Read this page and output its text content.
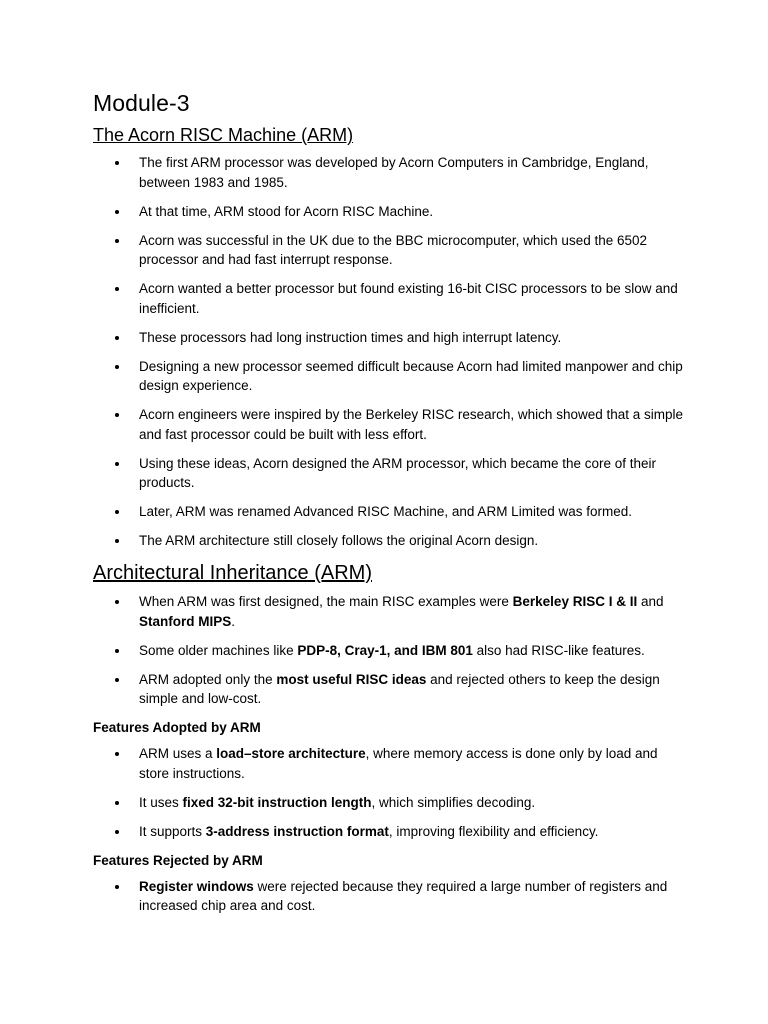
Module-3
The Acorn RISC Machine (ARM)
The first ARM processor was developed by Acorn Computers in Cambridge, England, between 1983 and 1985.
At that time, ARM stood for Acorn RISC Machine.
Acorn was successful in the UK due to the BBC microcomputer, which used the 6502 processor and had fast interrupt response.
Acorn wanted a better processor but found existing 16-bit CISC processors to be slow and inefficient.
These processors had long instruction times and high interrupt latency.
Designing a new processor seemed difficult because Acorn had limited manpower and chip design experience.
Acorn engineers were inspired by the Berkeley RISC research, which showed that a simple and fast processor could be built with less effort.
Using these ideas, Acorn designed the ARM processor, which became the core of their products.
Later, ARM was renamed Advanced RISC Machine, and ARM Limited was formed.
The ARM architecture still closely follows the original Acorn design.
Architectural Inheritance (ARM)
When ARM was first designed, the main RISC examples were Berkeley RISC I & II and Stanford MIPS.
Some older machines like PDP-8, Cray-1, and IBM 801 also had RISC-like features.
ARM adopted only the most useful RISC ideas and rejected others to keep the design simple and low-cost.
Features Adopted by ARM
ARM uses a load–store architecture, where memory access is done only by load and store instructions.
It uses fixed 32-bit instruction length, which simplifies decoding.
It supports 3-address instruction format, improving flexibility and efficiency.
Features Rejected by ARM
Register windows were rejected because they required a large number of registers and increased chip area and cost.
